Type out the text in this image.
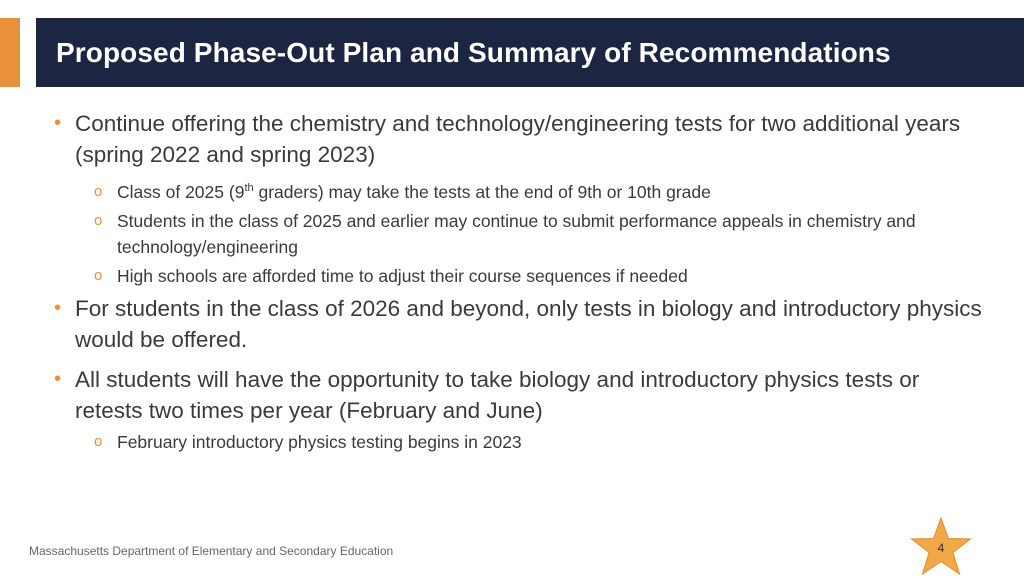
Proposed Phase-Out Plan and Summary of Recommendations
• Continue offering the chemistry and technology/engineering tests for two additional years (spring 2022 and spring 2023)
o Class of 2025 (9th graders) may take the tests at the end of 9th or 10th grade
o Students in the class of 2025 and earlier may continue to submit performance appeals in chemistry and technology/engineering
o High schools are afforded time to adjust their course sequences if needed
• For students in the class of 2026 and beyond, only tests in biology and introductory physics would be offered.
• All students will have the opportunity to take biology and introductory physics tests or retests two times per year (February and June)
o February introductory physics testing begins in 2023
Massachusetts Department of Elementary and Secondary Education	4
